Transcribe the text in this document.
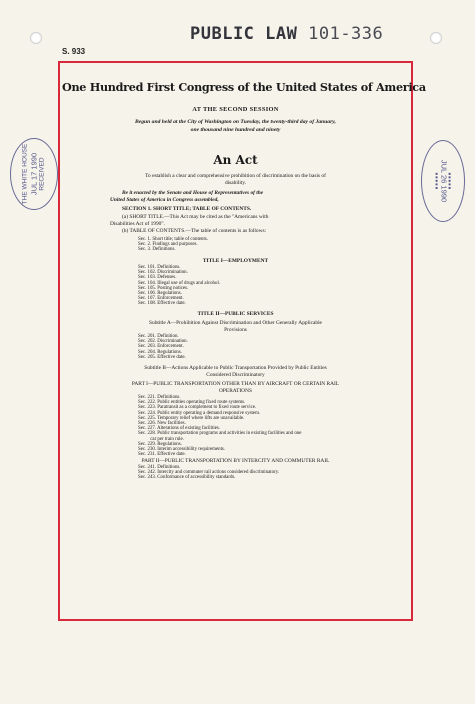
PUBLIC LAW 101-336
S. 933
One Hundred First Congress of the United States of America
AT THE SECOND SESSION
Begun and held at the City of Washington on Tuesday, the twenty-third day of January,
one thousand nine hundred and ninety
An Act
To establish a clear and comprehensive prohibition of discrimination on the basis of
disability.
Be it enacted by the Senate and House of Representatives of the
United States of America in Congress assembled,
SECTION 1. SHORT TITLE; TABLE OF CONTENTS.
(a) SHORT TITLE.—This Act may be cited as the "Americans with
Disabilities Act of 1990".
(b) TABLE OF CONTENTS.—The table of contents is as follows:
Sec. 1. Short title; table of contents.
Sec. 2. Findings and purposes.
Sec. 3. Definitions.
TITLE I—EMPLOYMENT
Sec. 101. Definitions.
Sec. 102. Discrimination.
Sec. 103. Defenses.
Sec. 104. Illegal use of drugs and alcohol.
Sec. 105. Posting notices.
Sec. 106. Regulations.
Sec. 107. Enforcement.
Sec. 108. Effective date.
TITLE II—PUBLIC SERVICES
Subtitle A—Prohibition Against Discrimination and Other Generally Applicable
Provisions
Sec. 201. Definition.
Sec. 202. Discrimination.
Sec. 203. Enforcement.
Sec. 204. Regulations.
Sec. 205. Effective date.
Subtitle B—Actions Applicable to Public Transportation Provided by Public Entities
Considered Discriminatory
PART I—PUBLIC TRANSPORTATION OTHER THAN BY AIRCRAFT OR CERTAIN RAIL
OPERATIONS
Sec. 221. Definitions.
Sec. 222. Public entities operating fixed route systems.
Sec. 223. Paratransit as a complement to fixed route service.
Sec. 224. Public entity operating a demand responsive system.
Sec. 225. Temporary relief where lifts are unavailable.
Sec. 226. New facilities.
Sec. 227. Alterations of existing facilities.
Sec. 228. Public transportation programs and activities in existing facilities and one
car per train rule.
Sec. 229. Regulations.
Sec. 230. Interim accessibility requirements.
Sec. 231. Effective date.
PART II—PUBLIC TRANSPORTATION BY INTERCITY AND COMMUTER RAIL
Sec. 241. Definitions.
Sec. 242. Intercity and commuter rail actions considered discriminatory.
Sec. 243. Conformance of accessibility standards.
THE WHITE HOUSE JUL 17 1990 RECEIVED	■ ■ ■ ■ ■
JUL 26 1990
■ ■ ■ ■ ■
